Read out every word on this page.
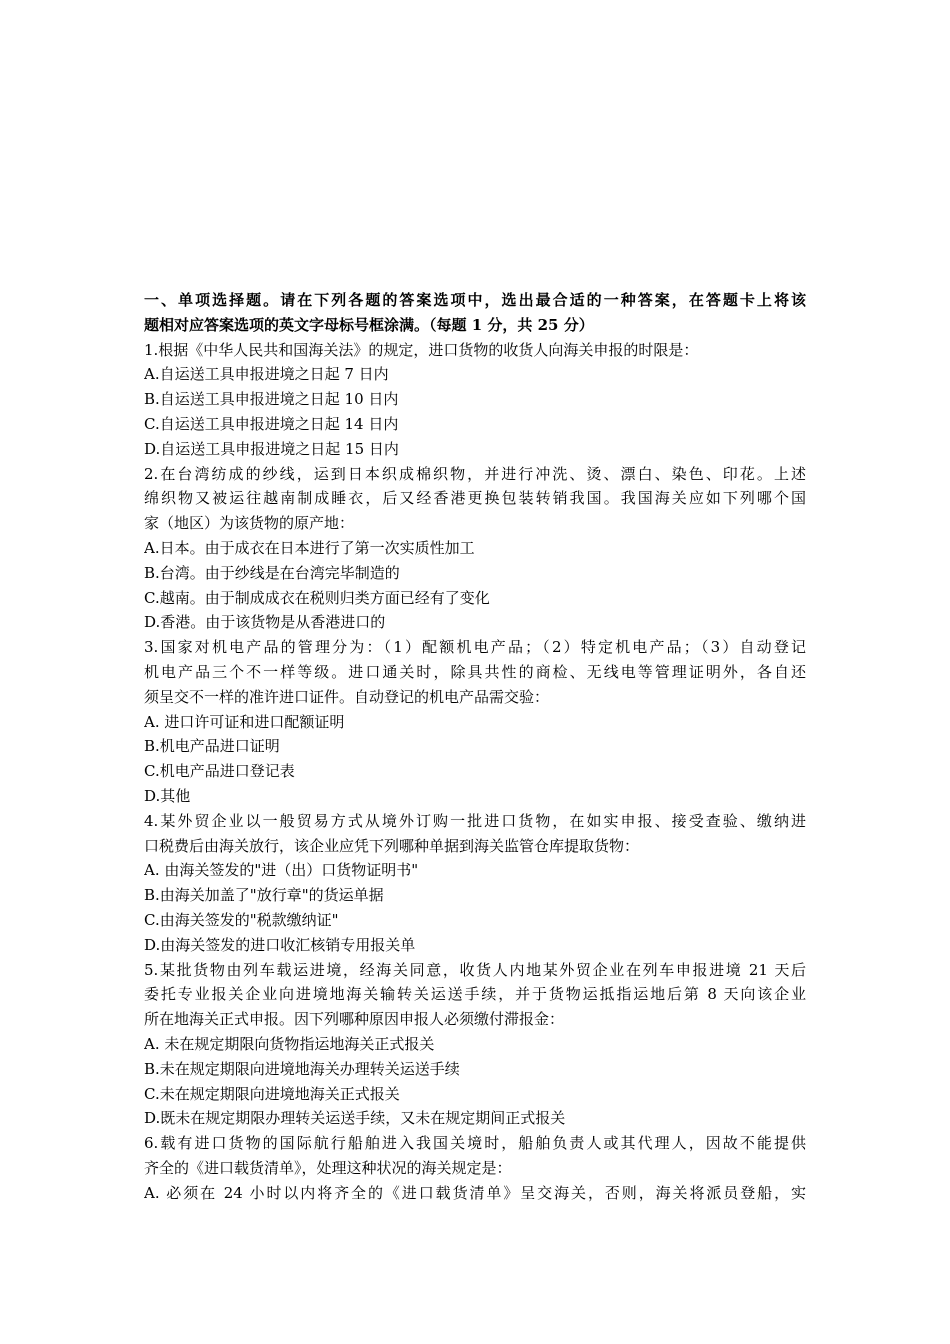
一、单项选择题。请在下列各题的答案选项中，选出最合适的一种答案，在答题卡上将该
题相对应答案选项的英文字母标号框涂满。（每题 1 分，共 25 分）
1.根据《中华人民共和国海关法》的规定，进口货物的收货人向海关申报的时限是：
A.自运送工具申报进境之日起 7 日内
B.自运送工具申报进境之日起 10 日内
C.自运送工具申报进境之日起 14 日内
D.自运送工具申报进境之日起 15 日内
2.在台湾纺成的纱线，运到日本织成棉织物，并进行冲洗、烫、漂白、染色、印花。上述
绵织物又被运往越南制成睡衣，后又经香港更换包装转销我国。我国海关应如下列哪个国
家（地区）为该货物的原产地：
A.日本。由于成衣在日本进行了第一次实质性加工
B.台湾。由于纱线是在台湾完毕制造的
C.越南。由于制成成衣在税则归类方面已经有了变化
D.香港。由于该货物是从香港进口的
3.国家对机电产品的管理分为：（1）配额机电产品；（2）特定机电产品；（3）自动登记
机电产品三个不一样等级。进口通关时，除具共性的商检、无线电等管理证明外，各自还
须呈交不一样的准许进口证件。自动登记的机电产品需交验：
A. 进口许可证和进口配额证明
B.机电产品进口证明
C.机电产品进口登记表
D.其他
4.某外贸企业以一般贸易方式从境外订购一批进口货物，在如实申报、接受查验、缴纳进
口税费后由海关放行，该企业应凭下列哪种单据到海关监管仓库提取货物：
A. 由海关签发的"进（出）口货物证明书"
B.由海关加盖了"放行章"的货运单据
C.由海关签发的"税款缴纳证"
D.由海关签发的进口收汇核销专用报关单
5.某批货物由列车载运进境，经海关同意，收货人内地某外贸企业在列车申报进境 21 天后
委托专业报关企业向进境地海关输转关运送手续，并于货物运抵指运地后第 8 天向该企业
所在地海关正式申报。因下列哪种原因申报人必须缴付滞报金：
A. 未在规定期限向货物指运地海关正式报关
B.未在规定期限向进境地海关办理转关运送手续
C.未在规定期限向进境地海关正式报关
D.既未在规定期限办理转关运送手续，又未在规定期间正式报关
6.载有进口货物的国际航行船舶进入我国关境时，船舶负责人或其代理人，因故不能提供
齐全的《进口载货清单》，处理这种状况的海关规定是：
A. 必须在 24 小时以内将齐全的《进口载货清单》呈交海关，否则，海关将派员登船，实
